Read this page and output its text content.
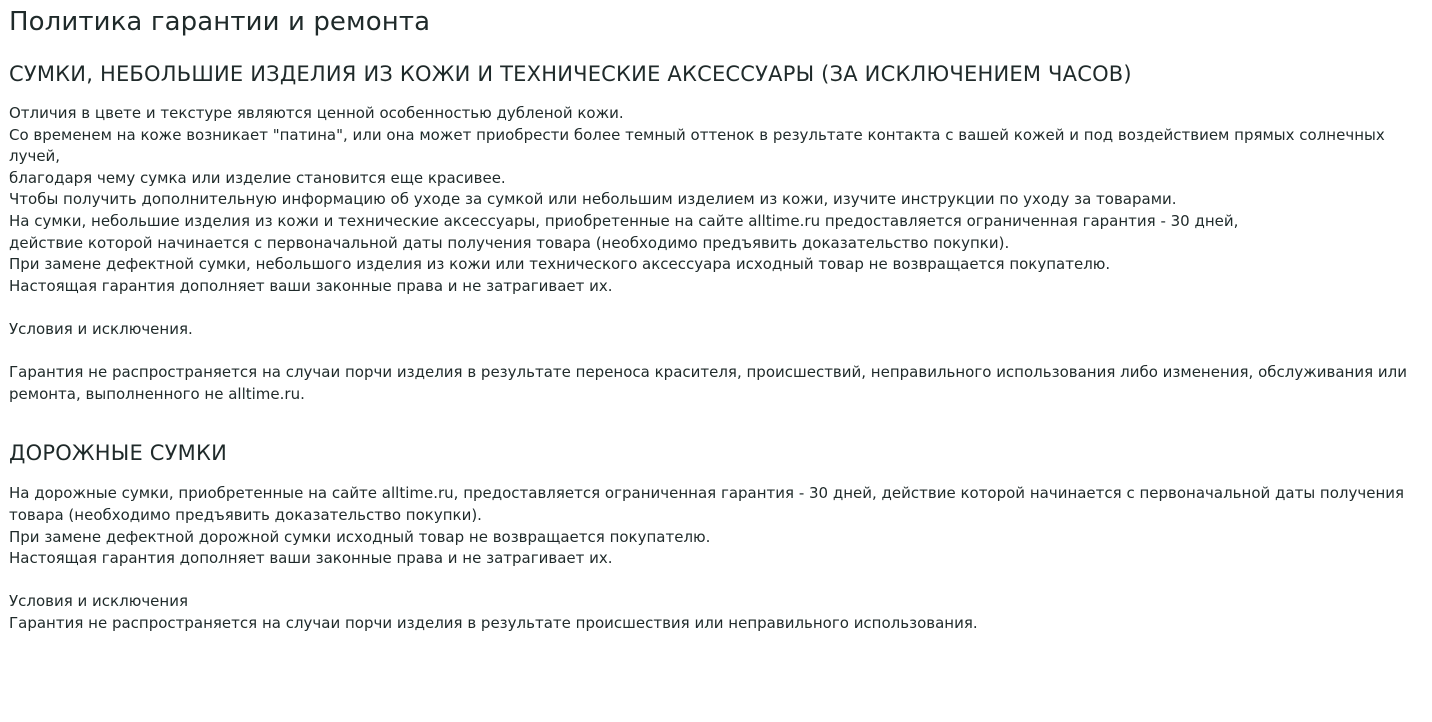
Политика гарантии и ремонта
СУМКИ, НЕБОЛЬШИЕ ИЗДЕЛИЯ ИЗ КОЖИ И ТЕХНИЧЕСКИЕ АКСЕССУАРЫ (ЗА ИСКЛЮЧЕНИЕМ ЧАСОВ)
Отличия в цвете и текстуре являются ценной особенностью дубленой кожи.
Со временем на коже возникает "патина", или она может приобрести более темный оттенок в результате контакта с вашей кожей и под воздействием прямых солнечных лучей,
благодаря чему сумка или изделие становится еще красивее.
Чтобы получить дополнительную информацию об уходе за сумкой или небольшим изделием из кожи, изучите инструкции по уходу за товарами.
На сумки, небольшие изделия из кожи и технические аксессуары, приобретенные на сайте alltime.ru предоставляется ограниченная гарантия - 30 дней,
действие которой начинается с первоначальной даты получения товара (необходимо предъявить доказательство покупки).
При замене дефектной сумки, небольшого изделия из кожи или технического аксессуара исходный товар не возвращается покупателю.
Настоящая гарантия дополняет ваши законные права и не затрагивает их.
Условия и исключения.
Гарантия не распространяется на случаи порчи изделия в результате переноса красителя, происшествий, неправильного использования либо изменения, обслуживания или ремонта, выполненного не alltime.ru.
ДОРОЖНЫЕ СУМКИ
На дорожные сумки, приобретенные на сайте alltime.ru, предоставляется ограниченная гарантия - 30 дней, действие которой начинается с первоначальной даты получения товара (необходимо предъявить доказательство покупки).
При замене дефектной дорожной сумки исходный товар не возвращается покупателю.
Настоящая гарантия дополняет ваши законные права и не затрагивает их.
Условия и исключения
Гарантия не распространяется на случаи порчи изделия в результате происшествия или неправильного использования.
